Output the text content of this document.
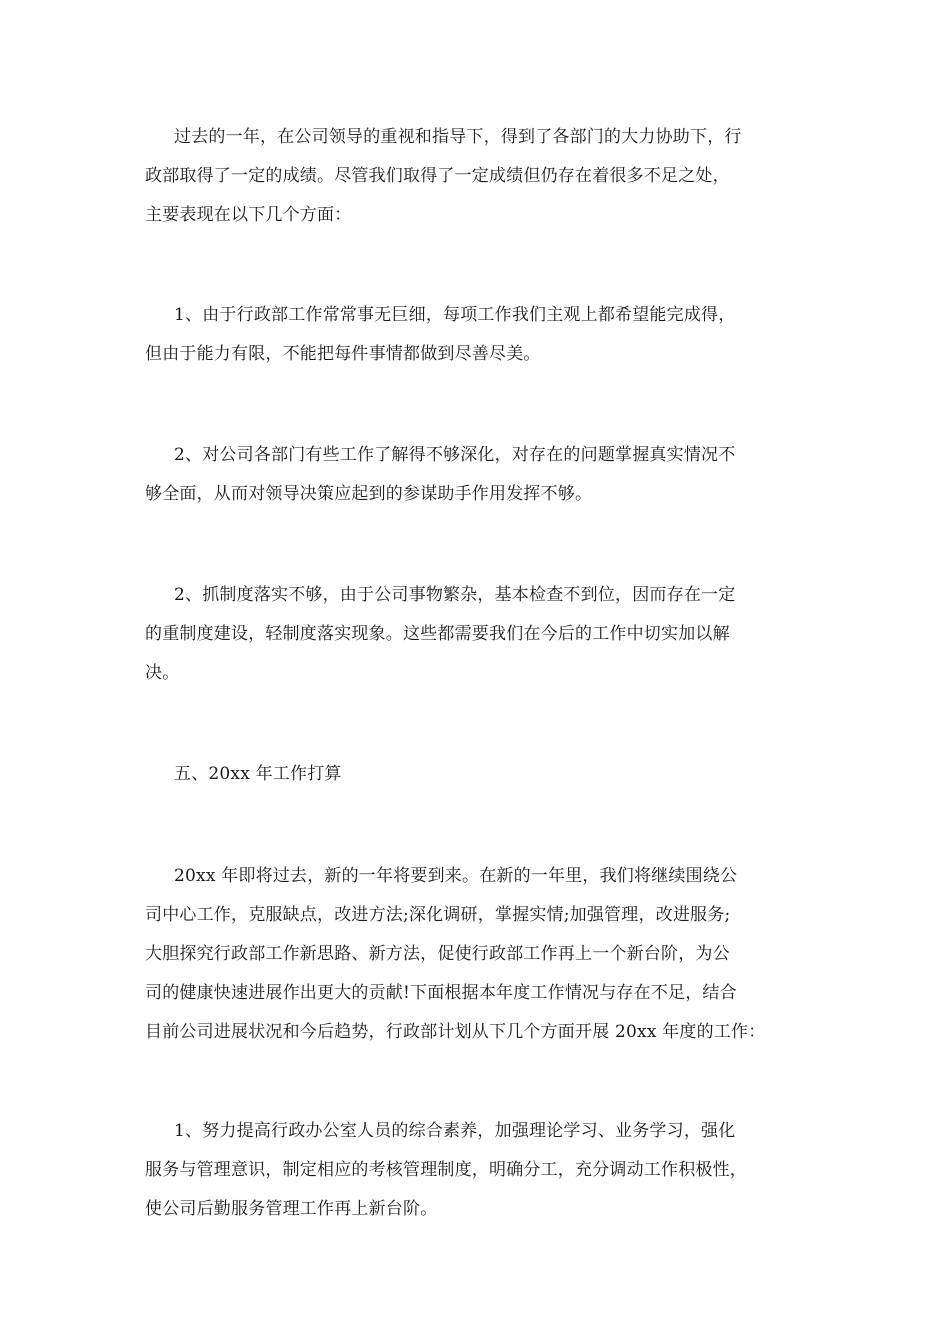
过去的一年，在公司领导的重视和指导下，得到了各部门的大力协助下，行
政部取得了一定的成绩。尽管我们取得了一定成绩但仍存在着很多不足之处，
主要表现在以下几个方面：
1、由于行政部工作常常事无巨细，每项工作我们主观上都希望能完成得，
但由于能力有限，不能把每件事情都做到尽善尽美。
2、对公司各部门有些工作了解得不够深化，对存在的问题掌握真实情况不
够全面，从而对领导决策应起到的参谋助手作用发挥不够。
2、抓制度落实不够，由于公司事物繁杂，基本检查不到位，因而存在一定
的重制度建设，轻制度落实现象。这些都需要我们在今后的工作中切实加以解
决。
五、20xx 年工作打算
20xx 年即将过去，新的一年将要到来。在新的一年里，我们将继续围绕公
司中心工作，克服缺点，改进方法;深化调研，掌握实情;加强管理，改进服务;
大胆探究行政部工作新思路、新方法，促使行政部工作再上一个新台阶，为公
司的健康快速进展作出更大的贡献!下面根据本年度工作情况与存在不足，结合
目前公司进展状况和今后趋势，行政部计划从下几个方面开展 20xx 年度的工作：
1、努力提高行政办公室人员的综合素养，加强理论学习、业务学习，强化
服务与管理意识，制定相应的考核管理制度，明确分工，充分调动工作积极性，
使公司后勤服务管理工作再上新台阶。
